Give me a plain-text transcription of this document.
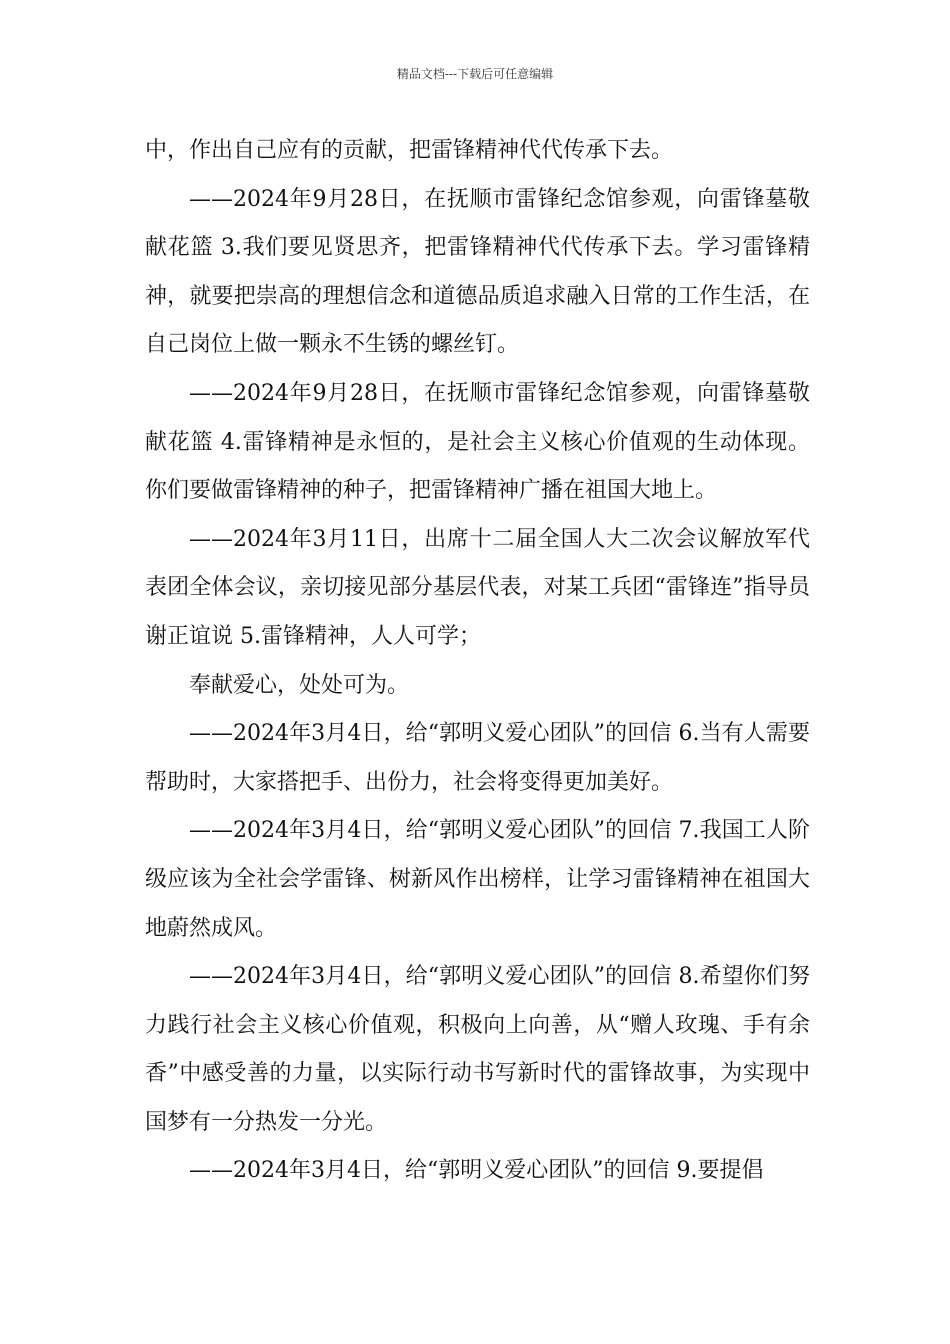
精品文档---下载后可任意编辑

中，作出自己应有的贡献，把雷锋精神代代传承下去。

——2024年9月28日，在抚顺市雷锋纪念馆参观，向雷锋墓敬献花篮 3.我们要见贤思齐，把雷锋精神代代传承下去。学习雷锋精神，就要把崇高的理想信念和道德品质追求融入日常的工作生活，在自己岗位上做一颗永不生锈的螺丝钉。

——2024年9月28日，在抚顺市雷锋纪念馆参观，向雷锋墓敬献花篮 4.雷锋精神是永恒的，是社会主义核心价值观的生动体现。你们要做雷锋精神的种子，把雷锋精神广播在祖国大地上。

——2024年3月11日，出席十二届全国人大二次会议解放军代表团全体会议，亲切接见部分基层代表，对某工兵团“雷锋连”指导员谢正谊说 5.雷锋精神，人人可学；

奉献爱心，处处可为。

——2024年3月4日，给“郭明义爱心团队”的回信 6.当有人需要帮助时，大家搭把手、出份力，社会将变得更加美好。

——2024年3月4日，给“郭明义爱心团队”的回信 7.我国工人阶级应该为全社会学雷锋、树新风作出榜样，让学习雷锋精神在祖国大地蔚然成风。

——2024年3月4日，给“郭明义爱心团队”的回信 8.希望你们努力践行社会主义核心价值观，积极向上向善，从“赠人玫瑰、手有余香”中感受善的力量，以实际行动书写新时代的雷锋故事，为实现中国梦有一分热发一分光。

——2024年3月4日，给“郭明义爱心团队”的回信 9.要提倡
